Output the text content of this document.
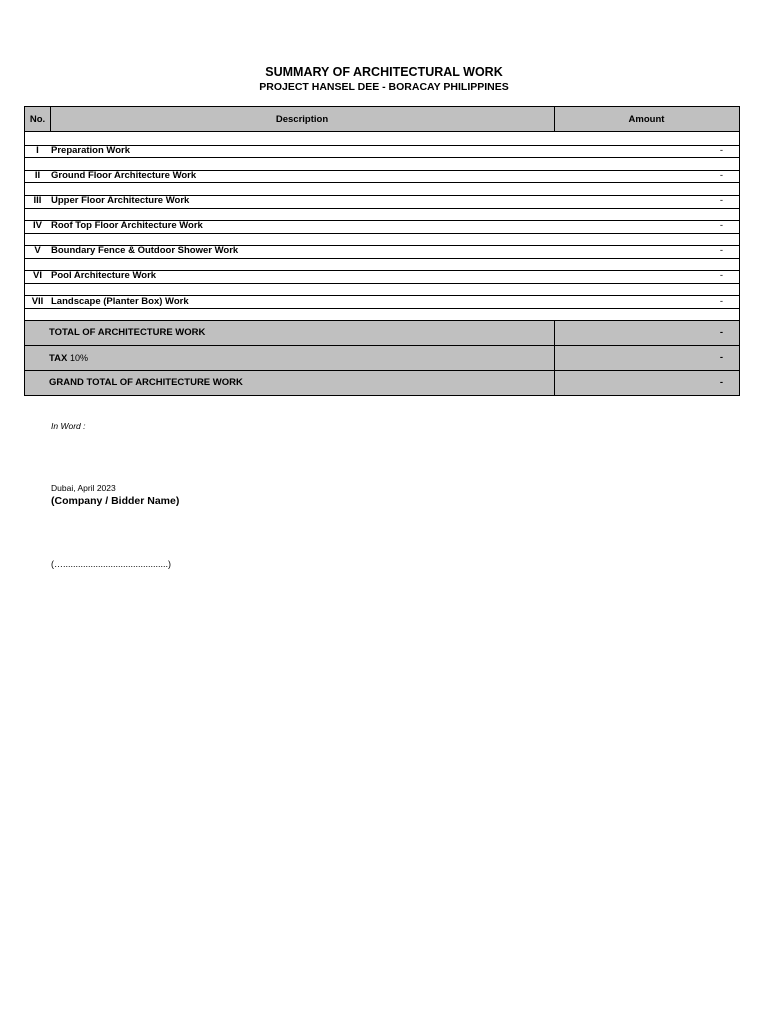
SUMMARY OF ARCHITECTURAL WORK
PROJECT HANSEL DEE - BORACAY PHILIPPINES
No.	Description	Amount
I	Preparation Work	-
II	Ground Floor Architecture Work	-
III	Upper Floor Architecture Work	-
IV Roof Top Floor Architecture Work	-
V	Boundary Fence & Outdoor Shower Work	-
VI Pool Architecture Work	-
VII Landscape (Planter Box) Work	-
TOTAL OF ARCHITECTURE WORK	-
TAX 10%	-
GRAND TOTAL OF ARCHITECTURE WORK	-
In Word :
Dubai, April 2023
(Company / Bidder Name)
(…..........................................)
